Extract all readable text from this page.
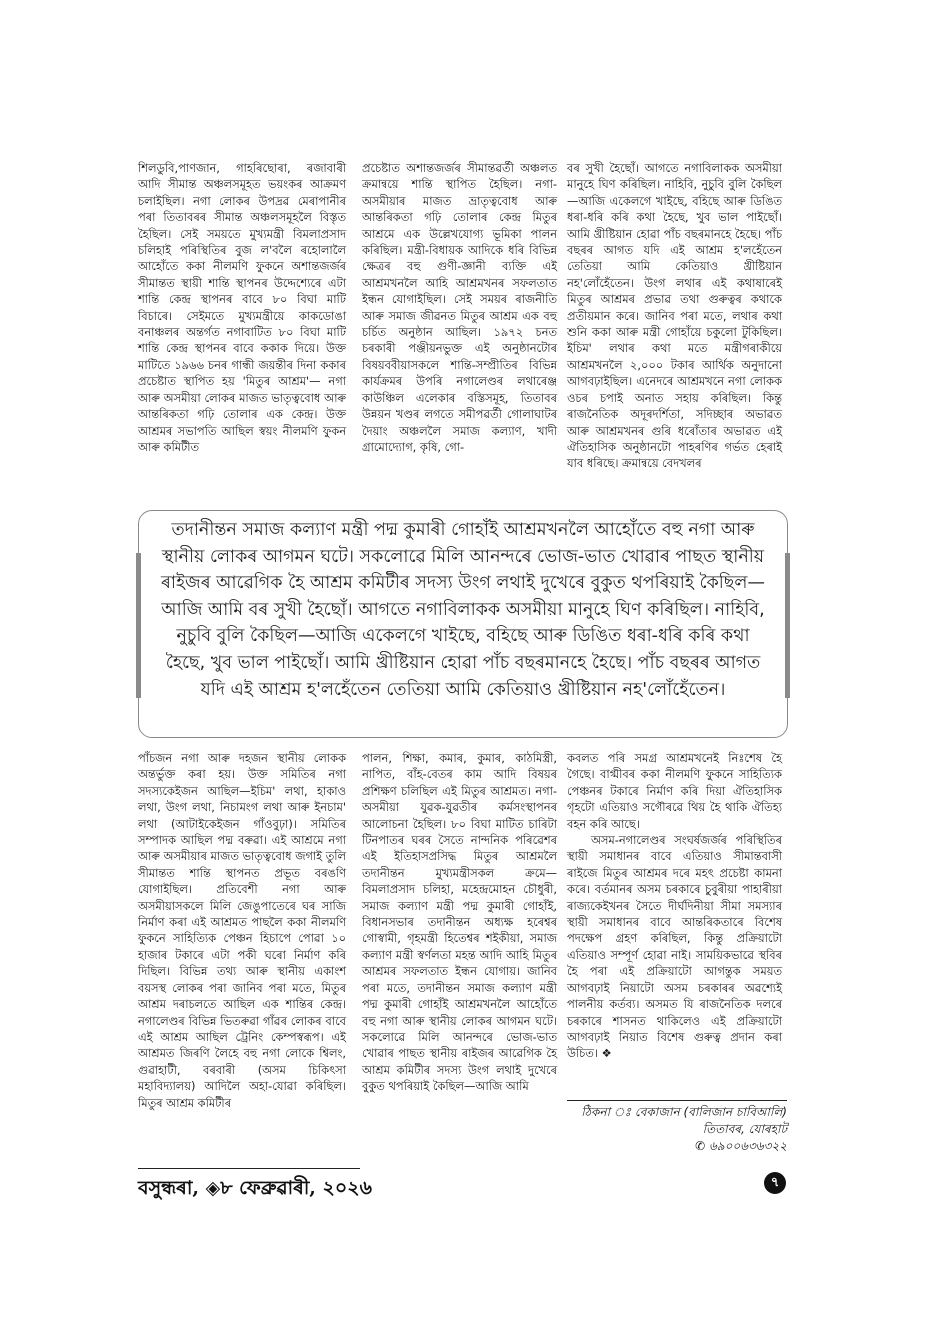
শিলডুবি,পাণজান, গাহৰিছোৰা, ৰজাবাৰী আদি সীমান্ত অঞ্চলসমূহত ভয়ংকৰ আক্ৰমণ চলাইছিল। নগা লোকৰ উপদ্ৰৱ মেৰাপানীৰ পৰা তিতাবৰৰ সীমান্ত অঞ্চলসমূহলৈ বিস্তৃত হৈছিল। সেই সময়তে মুখ্যমন্ত্ৰী বিমলাপ্ৰসাদ চলিহাই পৰিস্থিতিৰ বুজ ল'বলৈ ৰহোলালৈ আহোঁতে ককা নীলমণি ফুকনে অশান্তজৰ্জৰ সীমান্তত স্থায়ী শান্তি স্থাপনৰ উদ্দেশ্যেৰে এটা শান্তি কেন্দ্ৰ স্থাপনৰ বাবে ৮০ বিঘা মাটি বিচাৰে। সেইমতে মুখ্যমন্ত্ৰীয়ে কাকডোঙা বনাঞ্চলৰ অন্তৰ্গত নগাবাটিত ৮০ বিঘা মাটি শান্তি কেন্দ্ৰ স্থাপনৰ বাবে ককাক দিয়ে। উক্ত মাটিতে ১৯৬৬ চনৰ গান্ধী জয়ন্তীৰ দিনা ককাৰ প্ৰচেষ্টাত স্থাপিত হয় 'মিতুৰ আশ্ৰম'— নগা আৰু অসমীয়া লোকৰ মাজত ভাতৃত্ববোধ আৰু আন্তৰিকতা গঢ়ি তোলাৰ এক কেন্দ্ৰ। উক্ত আশ্ৰমৰ সভাপতি আছিল স্বয়ং নীলমণি ফুকন আৰু কমিটীত

প্ৰচেষ্টাত অশান্তজৰ্জৰ সীমান্তৱৰ্তী অঞ্চলত ক্ৰমান্বয়ে শান্তি স্থাপিত হৈছিল। নগা-অসমীয়াৰ মাজত ভ্ৰাতৃত্ববোধ আৰু আন্তৰিকতা গঢ়ি তোলাৰ কেন্দ্ৰ মিতুৰ আশ্ৰমে এক উল্লেখযোগ্য ভূমিকা পালন কৰিছিল। মন্ত্ৰী-বিধায়ক আদিকে ধৰি বিভিন্ন ক্ষেত্ৰৰ বহু গুণী-জ্ঞানী ব্যক্তি এই আশ্ৰমখনলৈ আহি আশ্ৰমখনৰ সফলতাত ইন্ধন যোগাইছিল। সেই সময়ৰ ৰাজনীতি আৰু সমাজ জীৱনত মিতুৰ আশ্ৰম এক বহু চৰ্চিত অনুষ্ঠান আছিল। ১৯৭২ চনত চৰকাৰী পঞ্জীয়নভুক্ত এই অনুষ্ঠানটোৰ বিষয়ববীয়াসকলে শান্তি-সম্প্ৰীতিৰ বিভিন্ন কাৰ্যক্ৰমৰ উপৰি নগালেণ্ডৰ লথাৰেঞ্জ কাউঞ্চিল এলেকাৰ বস্তিসমূহ, তিতাবৰ উন্নয়ন খণ্ডৰ লগতে সমীপৱৰ্তী গোলাঘাটৰ দৈয়াং অঞ্চললৈ সমাজ কল্যাণ, খাদী গ্ৰামোদ্যোগ, কৃষি, গো-

বৰ সুখী হৈছোঁ। আগতে নগাবিলাকক অসমীয়া মানুহে ঘিণ কৰিছিল। নাহিবি, নুচুবি বুলি কৈছিল—আজি একেলগে খাইছে, বহিছে আৰু ডিঙিত ধৰা-ধৰি কৰি কথা হৈছে, খুব ভাল পাইছোঁ। আমি খ্ৰীষ্টিয়ান হোৱা পাঁচ বছৰমানহে হৈছে। পাঁচ বছৰৰ আগত যদি এই আশ্ৰম হ'লহেঁতেন তেতিয়া আমি কেতিয়াও খ্ৰীষ্টিয়ান নহ'লোঁহেঁতেন। উংগ লথাৰ এই কথাষাৰেই মিতুৰ আশ্ৰমৰ প্ৰভাৱ তথা গুৰুত্বৰ কথাকে প্ৰতীয়মান কৰে। জানিব পৰা মতে, লথাৰ কথা শুনি ককা আৰু মন্ত্ৰী গোহাঁয়ে চকুলো টুকিছিল। ইচিম' লথাৰ কথা মতে মন্ত্ৰীগৰাকীয়ে আশ্ৰমখনলৈ ২,০০০ টকাৰ আৰ্থিক অনুদানো আগবঢ়াইছিল। এনেদৰে আশ্ৰমখনে নগা লোকক ওচৰ চপাই অনাত সহায় কৰিছিল। কিন্তু ৰাজনৈতিক অদূৰদৰ্শিতা, সদিচ্ছাৰ অভাৱত আৰু আশ্ৰমখনৰ গুৰি ধৰোঁতাৰ অভাৱত এই ঐতিহাসিক অনুষ্ঠানটো পাহৰণিৰ গৰ্ভত হেৰাই যাব ধৰিছে। ক্ৰমান্বয়ে বেদখলৰ

তদানীন্তন সমাজ কল্যাণ মন্ত্ৰী পদ্ম কুমাৰী গোহাঁই আশ্ৰমখনলৈ আহোঁতে বহু নগা আৰু স্থানীয় লোকৰ আগমন ঘটে। সকলোৱে মিলি আনন্দৰে ভোজ-ভাত খোৱাৰ পাছত স্থানীয় ৰাইজৰ আৱেগিক হৈ আশ্ৰম কমিটীৰ সদস্য উংগ লথাই দুখেৰে বুকুত থপৰিয়াই কৈছিল—আজি আমি বৰ সুখী হৈছোঁ। আগতে নগাবিলাকক অসমীয়া মানুহে ঘিণ কৰিছিল। নাহিবি, নুচুবি বুলি কৈছিল—আজি একেলগে খাইছে, বহিছে আৰু ডিঙিত ধৰা-ধৰি কৰি কথা হৈছে, খুব ভাল পাইছোঁ। আমি খ্ৰীষ্টিয়ান হোৱা পাঁচ বছৰমানহে হৈছে। পাঁচ বছৰৰ আগত যদি এই আশ্ৰম হ'লহেঁতেন তেতিয়া আমি কেতিয়াও খ্ৰীষ্টিয়ান নহ'লোঁহেঁতেন।

পাঁচজন নগা আৰু দহজন স্থানীয় লোকক অন্তৰ্ভুক্ত কৰা হয়। উক্ত সমিতিৰ নগা সদস্যকেইজন আছিল—ইচিম' লথা, হাকাও লথা, উংগ লথা, নিচামংগ লথা আৰু ইনচাম' লথা (আটাইকেইজন গাঁওবুঢ়া)। সমিতিৰ সম্পাদক আছিল পদ্ম বৰুৱা। এই আশ্ৰমে নগা আৰু অসমীয়াৰ মাজত ভাতৃত্ববোধ জগাই তুলি সীমান্তত শান্তি স্থাপনত প্ৰভূত বৰঙণি যোগাইছিল। প্ৰতিবেশী নগা আৰু অসমীয়াসকলে মিলি জেঙুপাতেৰে ঘৰ সাজি নিৰ্মাণ কৰা এই আশ্ৰমত পাছলৈ ককা নীলমণি ফুকনে সাহিত্যিক পেঞ্চন হিচাপে পোৱা ১০ হাজাৰ টকাৰে এটা পকী ঘৰো নিৰ্মাণ কৰি দিছিল। বিভিন্ন তথ্য আৰু স্থানীয় একাংশ বয়সস্থ লোকৰ পৰা জানিব পৰা মতে, মিতুৰ আশ্ৰম দৰাচলতে আছিল এক শান্তিৰ কেন্দ্ৰ। নগালেণ্ডৰ বিভিন্ন ভিতৰুৱা গাঁৱৰ লোকৰ বাবে এই আশ্ৰম আছিল ট্ৰেনিং কেম্পস্বৰূপ। এই আশ্ৰমত জিৰণি লৈহে বহু নগা লোকে শ্বিলং, গুৱাহাটী, বৰবাৰী (অসম চিকিৎসা মহাবিদ্যালয়) আদিলৈ অহা-যোৱা কৰিছিল। মিতুৰ আশ্ৰম কমিটীৰ

পালন, শিক্ষা, কমাৰ, কুমাৰ, কাঠমিস্ত্ৰী, নাপিত, বাঁহ-বেতৰ কাম আদি বিষয়ৰ প্ৰশিক্ষণ চলিছিল এই মিতুৰ আশ্ৰমত। নগা-অসমীয়া যুৱক-যুৱতীৰ কৰ্মসংস্থাপনৰ আলোচনা হৈছিল। ৮০ বিঘা মাটিত চাৰিটা টিনপাতৰ ঘৰৰ সৈতে নান্দনিক পৰিৱেশৰ এই ইতিহাসপ্ৰসিদ্ধ মিতুৰ আশ্ৰমলৈ তদানীন্তন মুখ্যমন্ত্ৰীসকল ক্ৰমে— বিমলাপ্ৰসাদ চলিহা, মহেন্দ্ৰমোহন চৌধুৰী, সমাজ কল্যাণ মন্ত্ৰী পদ্ম কুমাৰী গোহাঁই, বিধানসভাৰ তদানীন্তন অধ্যক্ষ হৰেশ্বৰ গোস্বামী, গৃহমন্ত্ৰী হিতেশ্বৰ শইকীয়া, সমাজ কল্যাণ মন্ত্ৰী স্বৰ্ণলতা মহন্ত আদি আহি মিতুৰ আশ্ৰমৰ সফলতাত ইন্ধন যোগায়। জানিব পৰা মতে, তদানীন্তন সমাজ কল্যাণ মন্ত্ৰী পদ্ম কুমাৰী গোহাঁই আশ্ৰমখনলৈ আহোঁতে বহু নগা আৰু স্থানীয় লোকৰ আগমন ঘটে। সকলোৱে মিলি আনন্দৰে ভোজ-ভাত খোৱাৰ পাছত স্থানীয় ৰাইজৰ আৱেগিক হৈ আশ্ৰম কমিটীৰ সদস্য উংগ লথাই দুখেৰে বুকুত থপৰিয়াই কৈছিল—আজি আমি

কবলত পৰি সমগ্ৰ আশ্ৰমখনেই নিঃশেষ হৈ গৈছে। বাগ্মীবৰ ককা নীলমণি ফুকনে সাহিত্যিক পেঞ্চনৰ টকাৰে নিৰ্মাণ কৰি দিয়া ঐতিহাসিক গৃহটো এতিয়াও সগৌৰৱে থিয় হৈ থাকি ঐতিহ্য বহন কৰি আছে।

অসম-নগালেণ্ডৰ সংঘৰ্ষজৰ্জৰ পৰিস্থিতিৰ স্থায়ী সমাধানৰ বাবে এতিয়াও সীমান্তবাসী ৰাইজে মিতুৰ আশ্ৰমৰ দৰে মহৎ প্ৰচেষ্টা কামনা কৰে। বৰ্তমানৰ অসম চৰকাৰে চুবুৰীয়া পাহাৰীয়া ৰাজ্যকেইখনৰ সৈতে দীৰ্ঘদিনীয়া সীমা সমস্যাৰ স্থায়ী সমাধানৰ বাবে আন্তৰিকতাৰে বিশেষ পদক্ষেপ গ্ৰহণ কৰিছিল, কিন্তু প্ৰক্ৰিয়াটো এতিয়াও সম্পূৰ্ণ হোৱা নাই। সাময়িকভাৱে স্থবিৰ হৈ পৰা এই প্ৰক্ৰিয়াটো আগন্তুক সময়ত আগবঢ়াই নিয়াটো অসম চৰকাৰৰ অৱশ্যেই পালনীয় কৰ্তব্য। অসমত যি ৰাজনৈতিক দলৰে চৰকাৰে শাসনত থাকিলেও এই প্ৰক্ৰিয়াটো আগবঢ়াই নিয়াত বিশেষ গুৰুত্ব প্ৰদান কৰা উচিত। ❖

ঠিকনা ঃ বেকাজান (বালিজান চাবিআলি)
তিতাবৰ, যোৰহাট
✆ ৬৯০০৬৩৬৩২২
বসুন্ধৰা, ◈৮ ফেব্ৰুৱাৰী, ২০২৬	৭
